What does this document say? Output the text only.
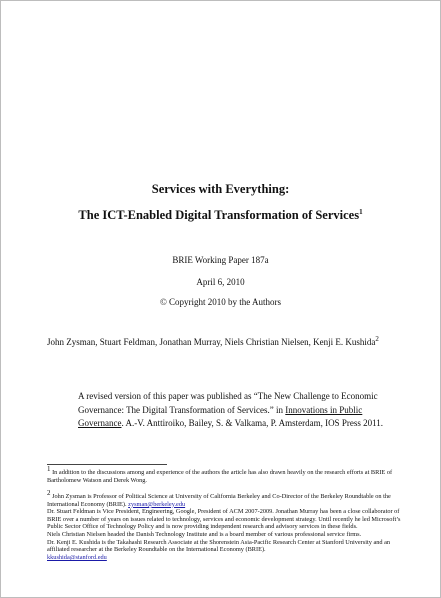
Services with Everything:
The ICT-Enabled Digital Transformation of Services$^1$
BRIE Working Paper 187a
April 6, 2010
© Copyright 2010 by the Authors
John Zysman, Stuart Feldman, Jonathan Murray, Niels Christian Nielsen, Kenji E. Kushida$^2$
A revised version of this paper was published as “The New Challenge to Economic Governance: The Digital Transformation of Services.” in Innovations in Public Governance. A.-V. Anttiroiko, Bailey, S. & Valkama, P. Amsterdam, IOS Press 2011.
$^1$ In addition to the discussions among and experience of the authors the article has also drawn heavily on the research efforts at BRIE of Bartholomew Watson and Derek Wong.
$^2$ John Zysman is Professor of Political Science at University of California Berkeley and Co-Director of the Berkeley Roundtable on the International Economy (BRIE). zysman@berkeley.edu
Dr. Stuart Feldman is Vice President, Engineering, Google, President of ACM 2007-2009. Jonathan Murray has been a close collaborator of BRIE over a number of years on issues related to technology, services and economic development strategy. Until recently he led Microsoft’s Public Sector Office of Technology Policy and is now providing independent research and advisory services in these fields.
Niels Christian Nielsen headed the Danish Technology Institute and is a board member of various professional service firms.
Dr. Kenji E. Kushida is the Takahashi Research Associate at the Shorenstein Asia-Pacific Research Center at Stanford University and an affiliated researcher at the Berkeley Roundtable on the International Economy (BRIE).
kkushida@stanford.edu
